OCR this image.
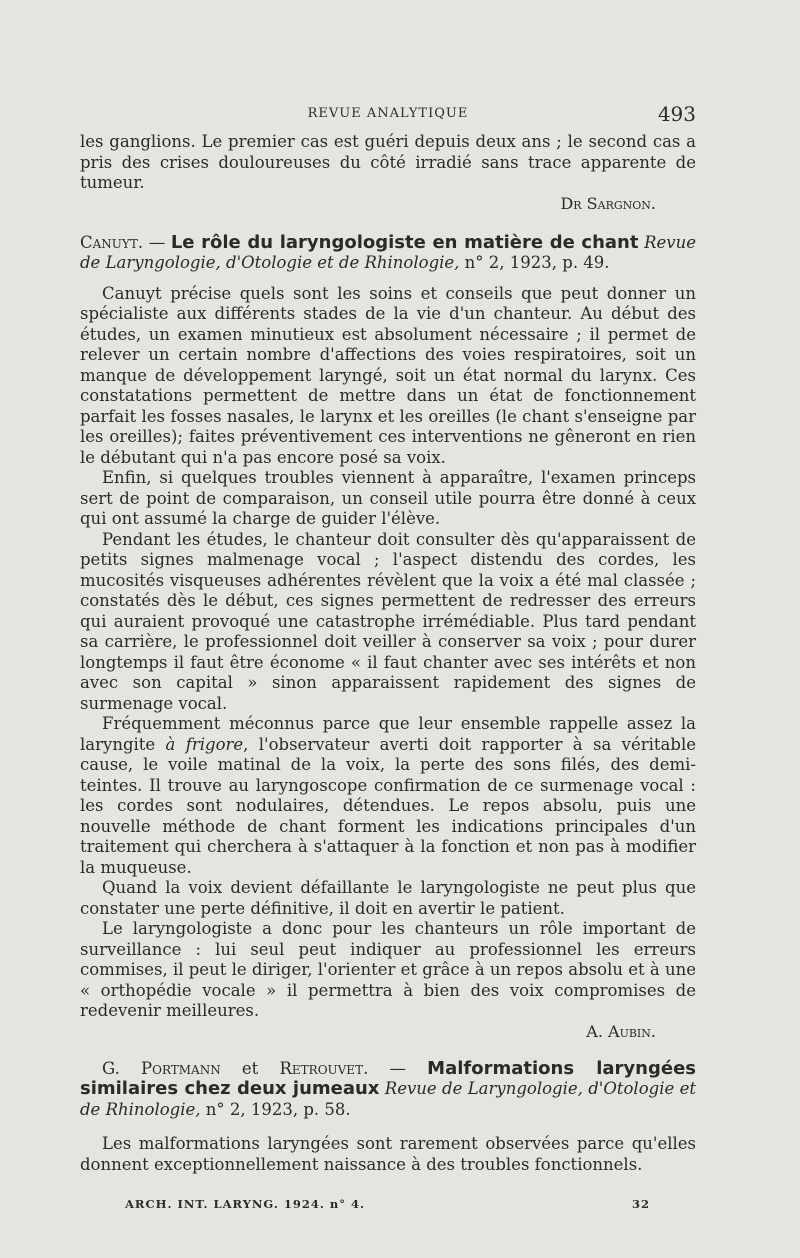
REVUE ANALYTIQUE	493

les ganglions. Le premier cas est guéri depuis deux ans ; le second cas a pris des crises douloureuses du côté irradié sans trace apparente de tumeur.

Dr Sargnon.

Canuyt. — Le rôle du laryngologiste en matière de chant Revue de Laryngologie, d'Otologie et de Rhinologie, n° 2, 1923, p. 49.

Canuyt précise quels sont les soins et conseils que peut donner un spécialiste aux différents stades de la vie d'un chanteur. Au début des études, un examen minutieux est absolument nécessaire ; il permet de relever un certain nombre d'affections des voies respiratoires, soit un manque de développement laryngé, soit un état normal du larynx. Ces constatations permettent de mettre dans un état de fonctionnement parfait les fosses nasales, le larynx et les oreilles (le chant s'enseigne par les oreilles); faites préventivement ces interventions ne gêneront en rien le débutant qui n'a pas encore posé sa voix.

Enfin, si quelques troubles viennent à apparaître, l'examen princeps sert de point de comparaison, un conseil utile pourra être donné à ceux qui ont assumé la charge de guider l'élève.

Pendant les études, le chanteur doit consulter dès qu'apparaissent de petits signes malmenage vocal ; l'aspect distendu des cordes, les mucosités visqueuses adhérentes révèlent que la voix a été mal classée ; constatés dès le début, ces signes permettent de redresser des erreurs qui auraient provoqué une catastrophe irrémédiable. Plus tard pendant sa carrière, le professionnel doit veiller à conserver sa voix ; pour durer longtemps il faut être économe « il faut chanter avec ses intérêts et non avec son capital » sinon apparaissent rapidement des signes de surmenage vocal.

Fréquemment méconnus parce que leur ensemble rappelle assez la laryngite à frigore, l'observateur averti doit rapporter à sa véritable cause, le voile matinal de la voix, la perte des sons filés, des demi-teintes. Il trouve au laryngoscope confirmation de ce surmenage vocal : les cordes sont nodulaires, détendues. Le repos absolu, puis une nouvelle méthode de chant forment les indications principales d'un traitement qui cherchera à s'attaquer à la fonction et non pas à modifier la muqueuse.

Quand la voix devient défaillante le laryngologiste ne peut plus que constater une perte définitive, il doit en avertir le patient.

Le laryngologiste a donc pour les chanteurs un rôle important de surveillance : lui seul peut indiquer au professionnel les erreurs commises, il peut le diriger, l'orienter et grâce à un repos absolu et à une « orthopédie vocale » il permettra à bien des voix compromises de redevenir meilleures.

A. Aubin.

G. Portmann et Retrouvet. — Malformations laryngées similaires chez deux jumeaux Revue de Laryngologie, d'Otologie et de Rhinologie, n° 2, 1923, p. 58.

Les malformations laryngées sont rarement observées parce qu'elles donnent exceptionnellement naissance à des troubles fonctionnels.

ARCH. INT. LARYNG. 1924. n° 4.	32
